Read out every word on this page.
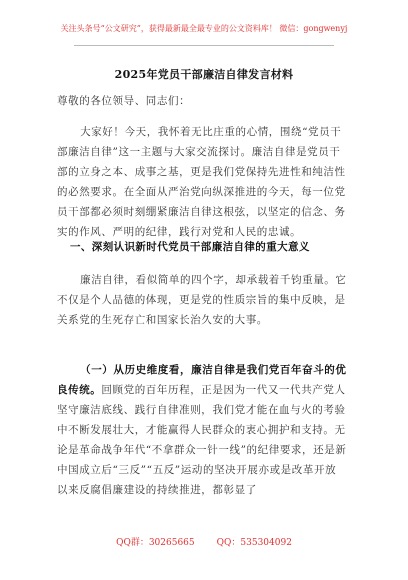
关注头条号“公文研究”，获得最新最全最专业的公文资料库！ 微信：gongwenyj
2025年党员干部廉洁自律发言材料
尊敬的各位领导、同志们：
大家好！今天，我怀着无比庄重的心情，围绕“党员干部廉洁自律”这一主题与大家交流探讨。廉洁自律是党员干部的立身之本、成事之基，更是我们党保持先进性和纯洁性的必然要求。在全面从严治党向纵深推进的今天，每一位党员干部都必须时刻绷紧廉洁自律这根弦，以坚定的信念、务实的作风、严明的纪律，践行对党和人民的忠诚。
一、深刻认识新时代党员干部廉洁自律的重大意义
廉洁自律，看似简单的四个字，却承载着千钧重量。它不仅是个人品德的体现，更是党的性质宗旨的集中反映，是关系党的生死存亡和国家长治久安的大事。
（一）从历史维度看，廉洁自律是我们党百年奋斗的优良传统。回顾党的百年历程，正是因为一代又一代共产党人坚守廉洁底线、践行自律准则，我们党才能在血与火的考验中不断发展壮大，才能赢得人民群众的衷心拥护和支持。无论是革命战争年代“不拿群众一针一线”的纪律要求，还是新中国成立后“三反”“五反”运动的坚决开展亦或是改革开放以来反腐倡廉建设的持续推进，都彰显了
QQ群：30265665 QQ：535304092
